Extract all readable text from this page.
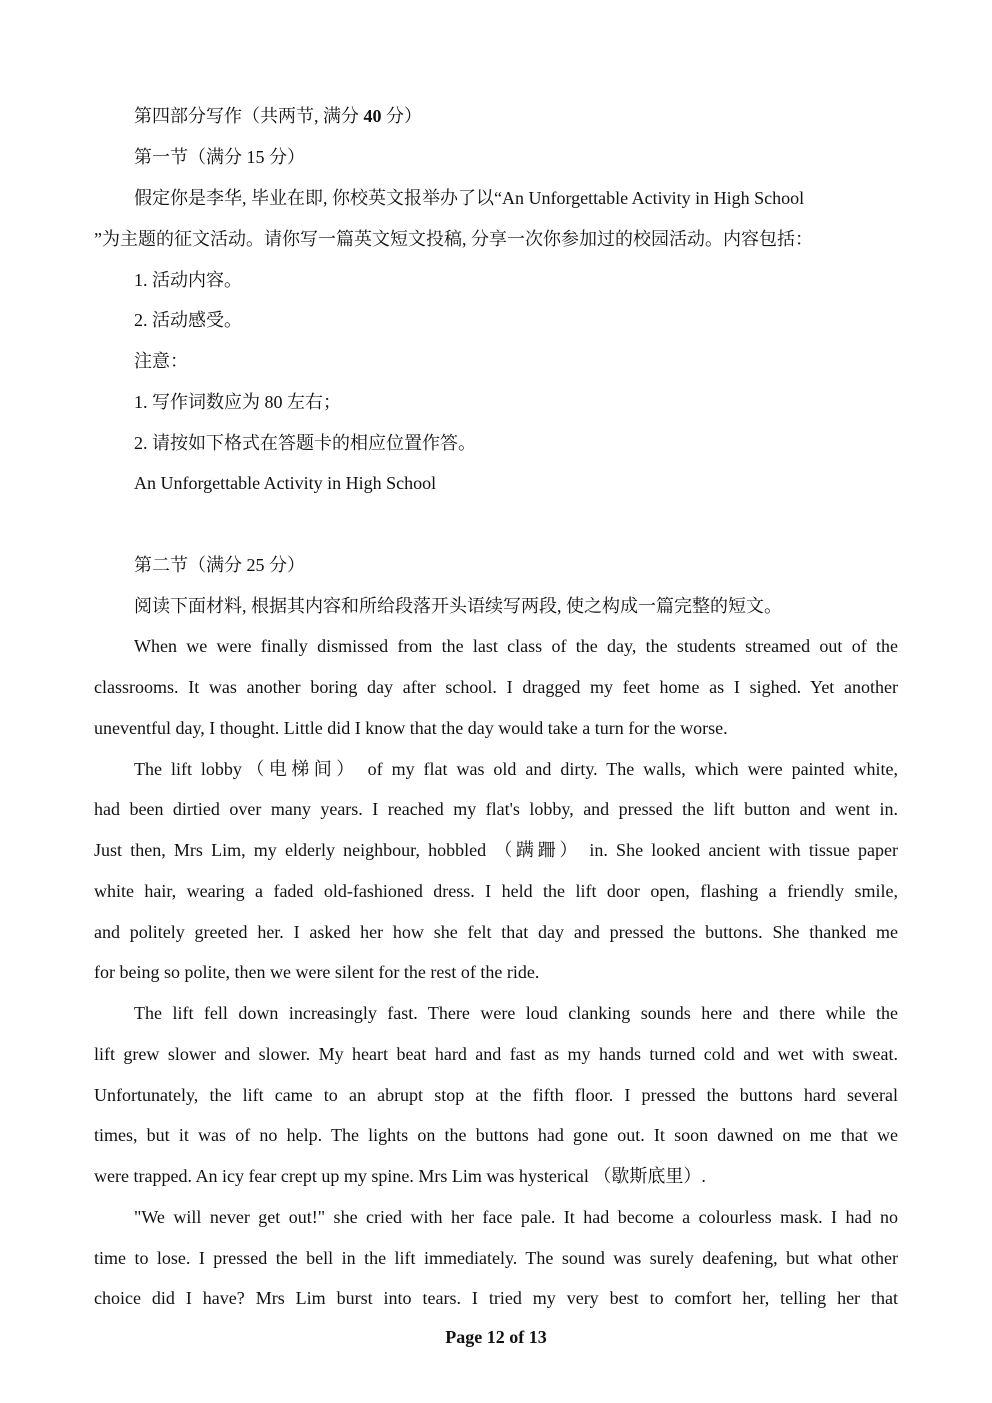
第四部分写作（共两节, 满分 40 分）

第一节（满分 15 分）

假定你是李华, 毕业在即, 你校英文报举办了以“An Unforgettable Activity in High School

”为主题的征文活动。请你写一篇英文短文投稿, 分享一次你参加过的校园活动。内容包括：

1. 活动内容。

2. 活动感受。

注意：

1. 写作词数应为 80 左右；

2. 请按如下格式在答题卡的相应位置作答。

An Unforgettable Activity in High School

第二节（满分 25 分）

阅读下面材料, 根据其内容和所给段落开头语续写两段, 使之构成一篇完整的短文。

When we were finally dismissed from the last class of the day, the students streamed out of the

classrooms. It was another boring day after school. I dragged my feet home as I sighed. Yet another

uneventful day, I thought. Little did I know that the day would take a turn for the worse.

The lift lobby（电梯间） of my flat was old and dirty. The walls, which were painted white,

had been dirtied over many years. I reached my flat's lobby, and pressed the lift button and went in.

Just then, Mrs Lim, my elderly neighbour, hobbled （蹒跚） in. She looked ancient with tissue paper

white hair, wearing a faded old-fashioned dress. I held the lift door open, flashing a friendly smile,

and politely greeted her. I asked her how she felt that day and pressed the buttons. She thanked me

for being so polite, then we were silent for the rest of the ride.

The lift fell down increasingly fast. There were loud clanking sounds here and there while the

lift grew slower and slower. My heart beat hard and fast as my hands turned cold and wet with sweat.

Unfortunately, the lift came to an abrupt stop at the fifth floor. I pressed the buttons hard several

times, but it was of no help. The lights on the buttons had gone out. It soon dawned on me that we

were trapped. An icy fear crept up my spine. Mrs Lim was hysterical （歇斯底里）.

"We will never get out!" she cried with her face pale. It had become a colourless mask. I had no

time to lose. I pressed the bell in the lift immediately. The sound was surely deafening, but what other

choice did I have? Mrs Lim burst into tears. I tried my very best to comfort her, telling her that

Page 12 of 13
